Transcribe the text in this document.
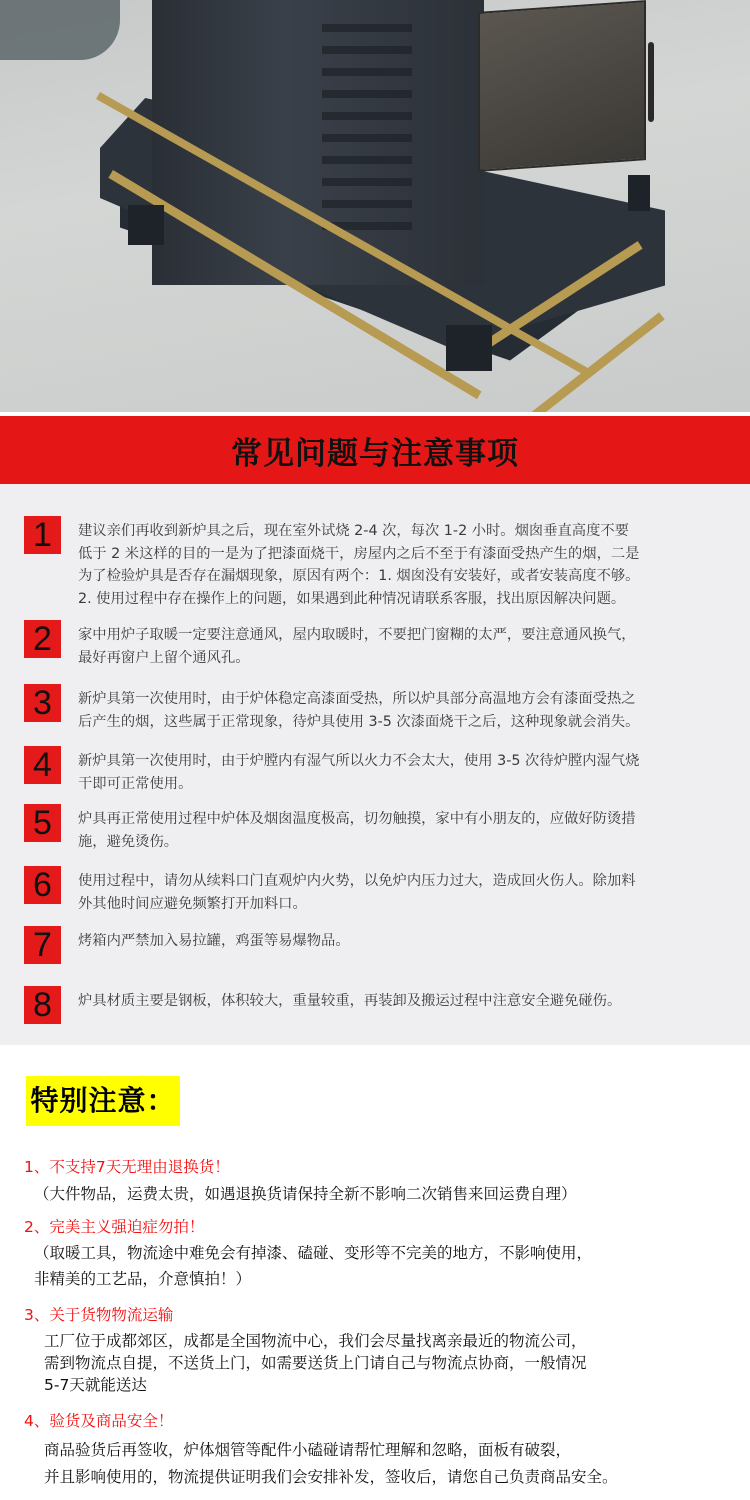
常见问题与注意事项
1	建议亲们再收到新炉具之后，现在室外试烧 2-4 次，每次 1-2 小时。烟囱垂直高度不要
低于 2 米这样的目的一是为了把漆面烧干，房屋内之后不至于有漆面受热产生的烟，二是
为了检验炉具是否存在漏烟现象，原因有两个：1. 烟囱没有安装好，或者安装高度不够。
2. 使用过程中存在操作上的问题，如果遇到此种情况请联系客服，找出原因解决问题。
2	家中用炉子取暖一定要注意通风，屋内取暖时，不要把门窗糊的太严，要注意通风换气，
最好再窗户上留个通风孔。
3	新炉具第一次使用时，由于炉体稳定高漆面受热，所以炉具部分高温地方会有漆面受热之
后产生的烟，这些属于正常现象，待炉具使用 3-5 次漆面烧干之后，这种现象就会消失。
4	新炉具第一次使用时，由于炉膛内有湿气所以火力不会太大，使用 3-5 次待炉膛内湿气烧
干即可正常使用。
5	炉具再正常使用过程中炉体及烟囱温度极高，切勿触摸，家中有小朋友的，应做好防烫措
施，避免烫伤。
6	使用过程中，请勿从续料口门直观炉内火势，以免炉内压力过大，造成回火伤人。除加料
外其他时间应避免频繁打开加料口。
7	烤箱内严禁加入易拉罐，鸡蛋等易爆物品。
8	炉具材质主要是钢板，体积较大，重量较重，再装卸及搬运过程中注意安全避免碰伤。
特别注意：
1、不支持7天无理由退换货！
（大件物品，运费太贵，如遇退换货请保持全新不影响二次销售来回运费自理）
2、完美主义强迫症勿拍！
（取暖工具，物流途中难免会有掉漆、磕碰、变形等不完美的地方，不影响使用，
非精美的工艺品，介意慎拍！）
3、关于货物物流运输
工厂位于成都郊区，成都是全国物流中心，我们会尽量找离亲最近的物流公司，
需到物流点自提，不送货上门，如需要送货上门请自己与物流点协商，一般情况
5-7天就能送达
4、验货及商品安全！
商品验货后再签收，炉体烟管等配件小磕碰请帮忙理解和忽略，面板有破裂，
并且影响使用的，物流提供证明我们会安排补发，签收后，请您自己负责商品安全。
